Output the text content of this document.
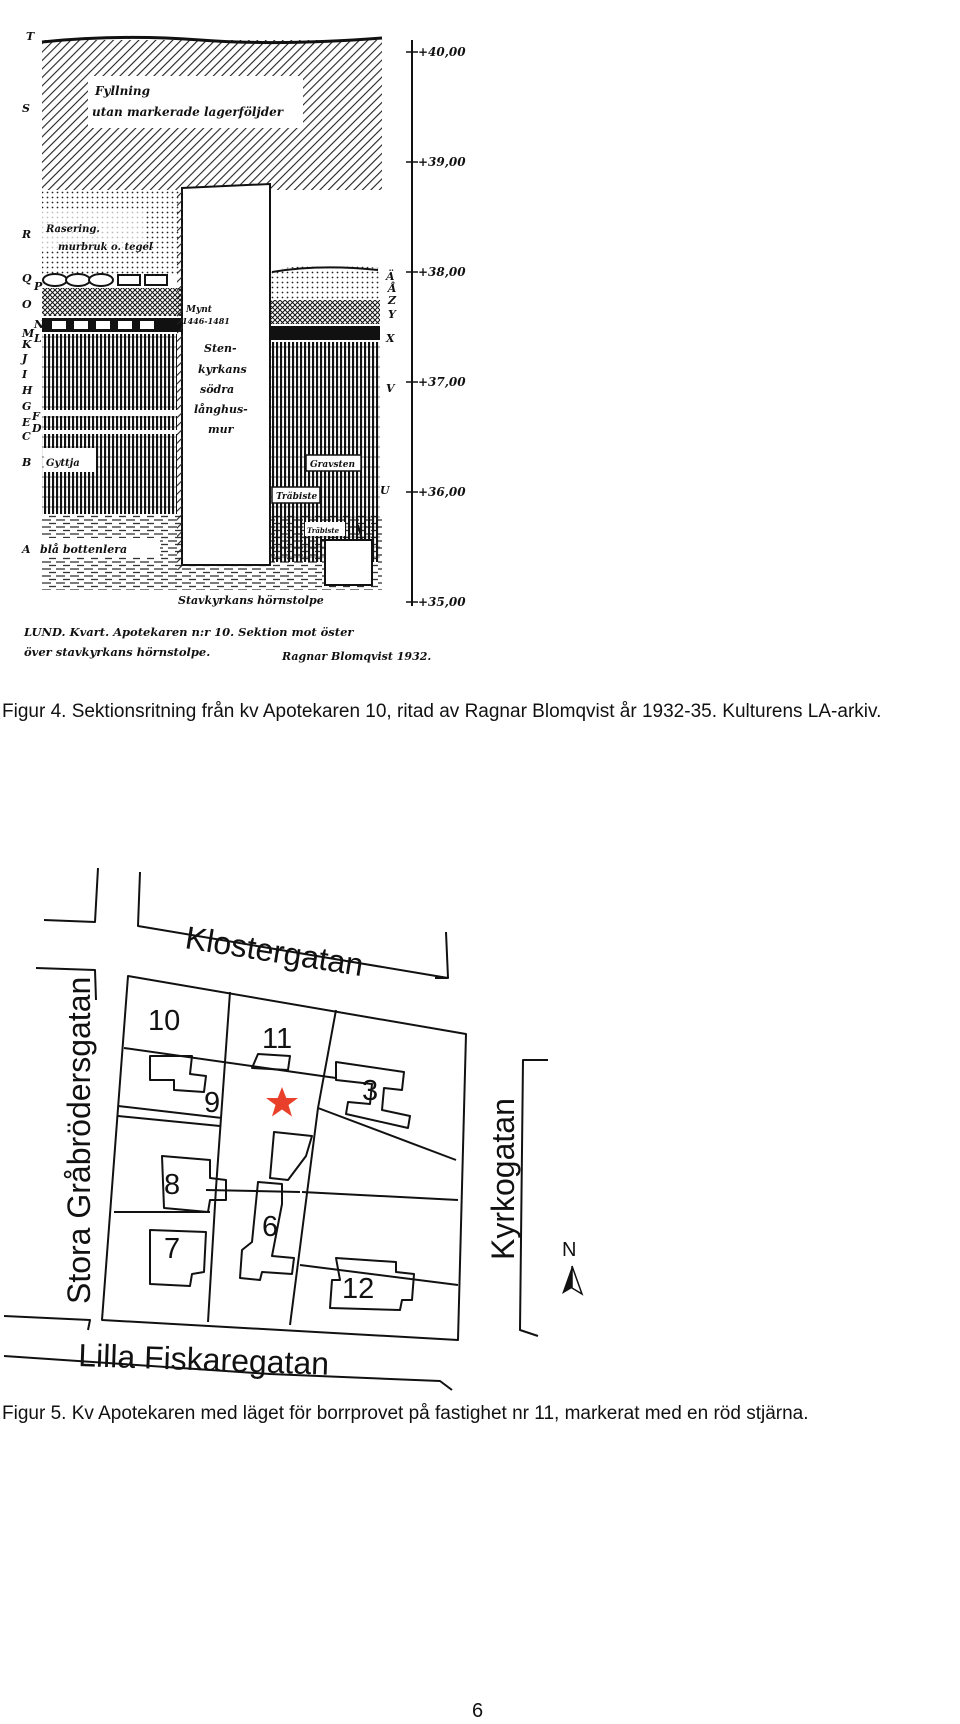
+40,00
+39,00
+38,00
+37,00
+36,00
+35,00
T
S
R
Q
P
O
N
M L
K
J
I
H
G
F
E D
C
B
A
Ä
Å
Z
Y
X
V
U
Fyllning
utan markerade lagerföljder
Rasering.
murbruk o. tegel
Mynt
1446-1481
Sten-
kyrkans
södra
långhus-
mur
Gyttja	Gravsten
Träbiste
Träbiste
blå bottenlera
Stavkyrkans hörnstolpe
LUND. Kvart. Apotekaren n:r 10. Sektion mot öster
över stavkyrkans hörnstolpe.	Ragnar Blomqvist 1932.
Figur 4. Sektionsritning från kv Apotekaren 10, ritad av Ragnar Blomqvist år 1932-35. Kulturens LA-arkiv.
Klostergatan
Stora Gråbrödersgatan	Kyrkogatan
Lilla Fiskaregatan
10
11
3
9
8
6
7
12
N
Figur 5. Kv Apotekaren med läget för borrprovet på fastighet nr 11, markerat med en röd stjärna.
6
